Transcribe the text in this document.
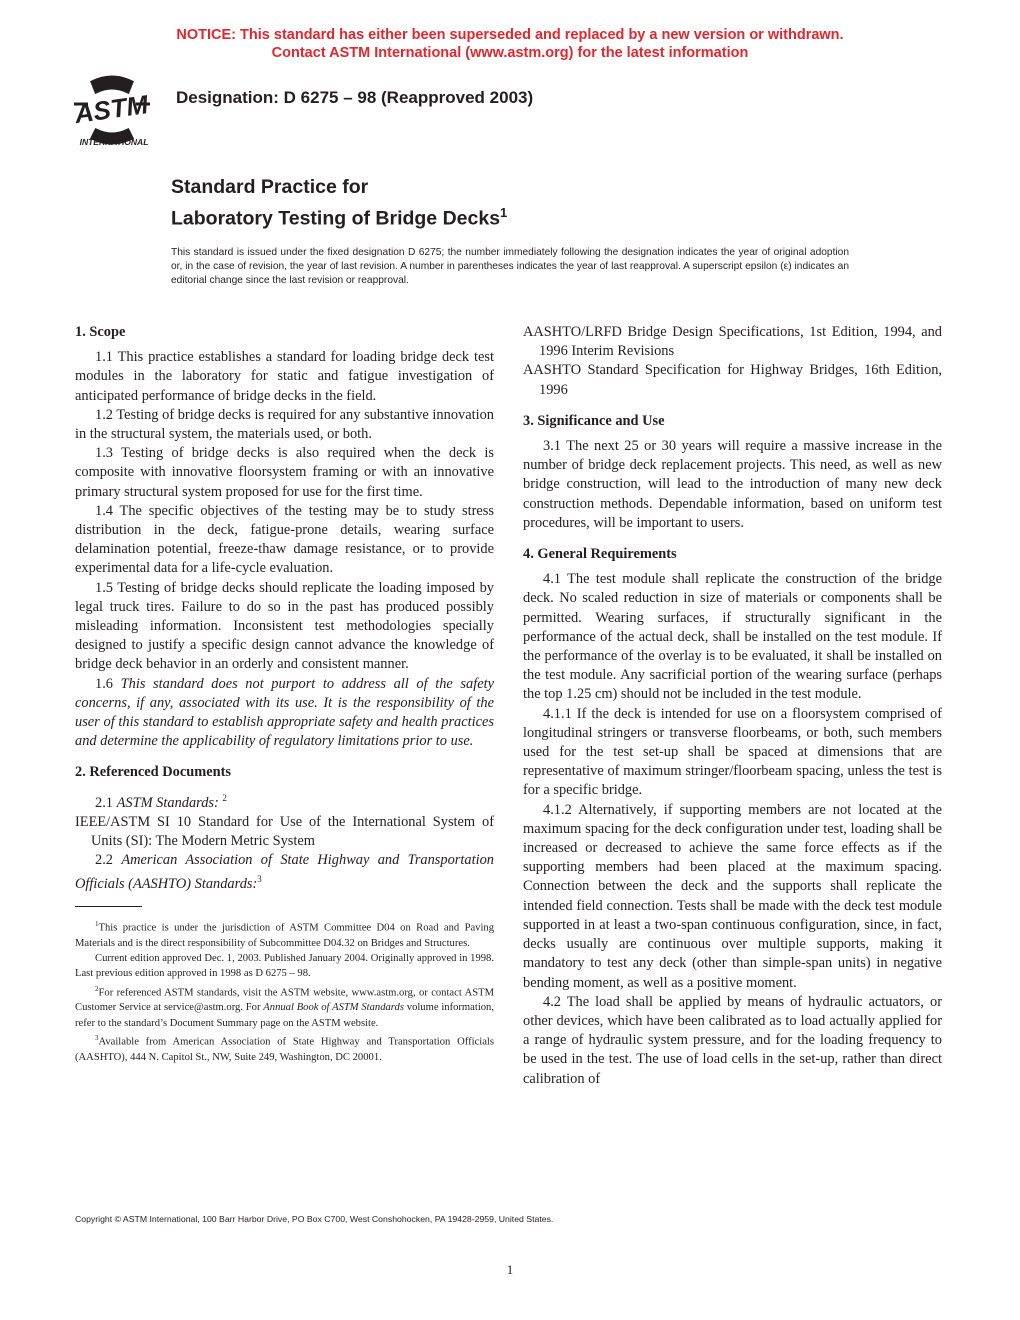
NOTICE: This standard has either been superseded and replaced by a new version or withdrawn.
Contact ASTM International (www.astm.org) for the latest information
ASTM
INTERNATIONAL
Designation: D 6275 – 98 (Reapproved 2003)
Standard Practice for
Laboratory Testing of Bridge Decks$^1$
This standard is issued under the fixed designation D 6275; the number immediately following the designation indicates the year of original adoption or, in the case of revision, the year of last revision. A number in parentheses indicates the year of last reapproval. A superscript epsilon (ε) indicates an editorial change since the last revision or reapproval.
1. Scope

1.1 This practice establishes a standard for loading bridge deck test modules in the laboratory for static and fatigue investigation of anticipated performance of bridge decks in the field.

1.2 Testing of bridge decks is required for any substantive innovation in the structural system, the materials used, or both.

1.3 Testing of bridge decks is also required when the deck is composite with innovative floorsystem framing or with an innovative primary structural system proposed for use for the first time.

1.4 The specific objectives of the testing may be to study stress distribution in the deck, fatigue-prone details, wearing surface delamination potential, freeze-thaw damage resistance, or to provide experimental data for a life-cycle evaluation.

1.5 Testing of bridge decks should replicate the loading imposed by legal truck tires. Failure to do so in the past has produced possibly misleading information. Inconsistent test methodologies specially designed to justify a specific design cannot advance the knowledge of bridge deck behavior in an orderly and consistent manner.

1.6 This standard does not purport to address all of the safety concerns, if any, associated with its use. It is the responsibility of the user of this standard to establish appropriate safety and health practices and determine the applicability of regulatory limitations prior to use.

2. Referenced Documents

2.1 ASTM Standards: $^2$

IEEE/ASTM SI 10 Standard for Use of the International System of Units (SI): The Modern Metric System

2.2 American Association of State Highway and Transportation Officials (AASHTO) Standards:$^3$

$^1$This practice is under the jurisdiction of ASTM Committee D04 on Road and Paving Materials and is the direct responsibility of Subcommittee D04.32 on Bridges and Structures.

Current edition approved Dec. 1, 2003. Published January 2004. Originally approved in 1998. Last previous edition approved in 1998 as D 6275 – 98.

$^2$For referenced ASTM standards, visit the ASTM website, www.astm.org, or contact ASTM Customer Service at service@astm.org. For Annual Book of ASTM Standards volume information, refer to the standard’s Document Summary page on the ASTM website.

$^3$Available from American Association of State Highway and Transportation Officials (AASHTO), 444 N. Capitol St., NW, Suite 249, Washington, DC 20001.

AASHTO/LRFD Bridge Design Specifications, 1st Edition, 1994, and 1996 Interim Revisions

AASHTO Standard Specification for Highway Bridges, 16th Edition, 1996

3. Significance and Use

3.1 The next 25 or 30 years will require a massive increase in the number of bridge deck replacement projects. This need, as well as new bridge construction, will lead to the introduction of many new deck construction methods. Dependable information, based on uniform test procedures, will be important to users.

4. General Requirements

4.1 The test module shall replicate the construction of the bridge deck. No scaled reduction in size of materials or components shall be permitted. Wearing surfaces, if structurally significant in the performance of the actual deck, shall be installed on the test module. If the performance of the overlay is to be evaluated, it shall be installed on the test module. Any sacrificial portion of the wearing surface (perhaps the top 1.25 cm) should not be included in the test module.

4.1.1 If the deck is intended for use on a floorsystem comprised of longitudinal stringers or transverse floorbeams, or both, such members used for the test set-up shall be spaced at dimensions that are representative of maximum stringer/floorbeam spacing, unless the test is for a specific bridge.

4.1.2 Alternatively, if supporting members are not located at the maximum spacing for the deck configuration under test, loading shall be increased or decreased to achieve the same force effects as if the supporting members had been placed at the maximum spacing. Connection between the deck and the supports shall replicate the intended field connection. Tests shall be made with the deck test module supported in at least a two-span continuous configuration, since, in fact, decks usually are continuous over multiple supports, making it mandatory to test any deck (other than simple-span units) in negative bending moment, as well as a positive moment.

4.2 The load shall be applied by means of hydraulic actuators, or other devices, which have been calibrated as to load actually applied for a range of hydraulic system pressure, and for the loading frequency to be used in the test. The use of load cells in the set-up, rather than direct calibration of

Copyright © ASTM International, 100 Barr Harbor Drive, PO Box C700, West Conshohocken, PA 19428-2959, United States.
1
